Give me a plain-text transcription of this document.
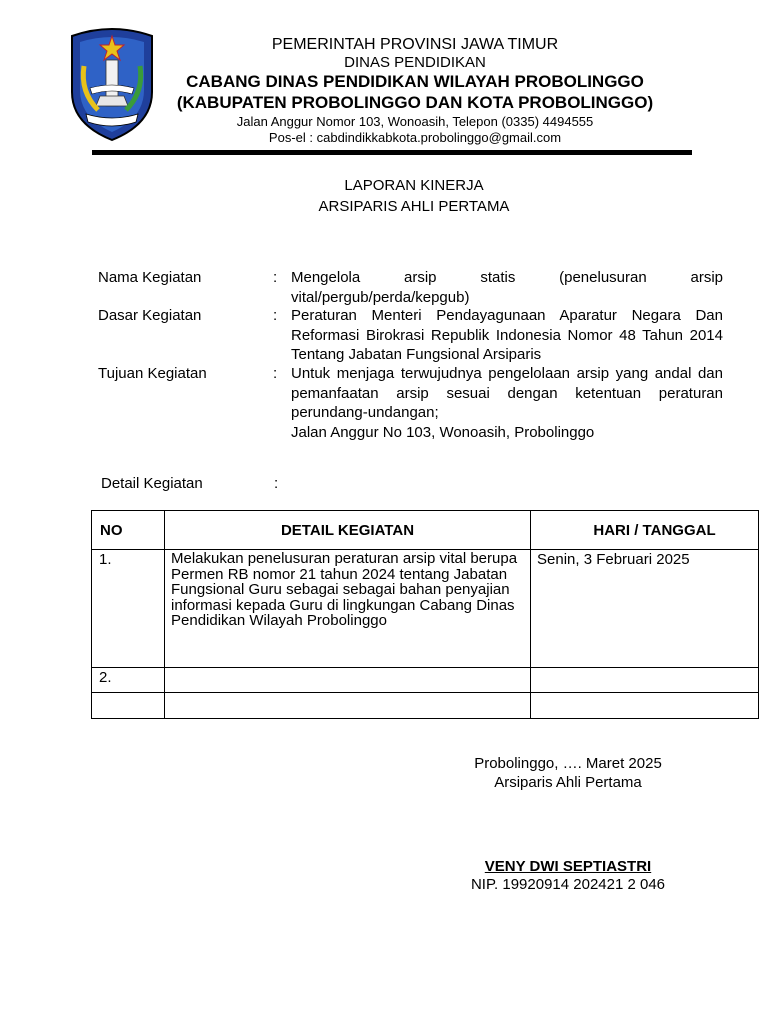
PEMERINTAH PROVINSI JAWA TIMUR
DINAS PENDIDIKAN
CABANG DINAS PENDIDIKAN WILAYAH PROBOLINGGO
(KABUPATEN PROBOLINGGO DAN KOTA PROBOLINGGO)
Jalan Anggur Nomor 103, Wonoasih, Telepon (0335) 4494555
Pos-el : cabdindikkabkota.probolinggo@gmail.com
LAPORAN KINERJA
ARSIPARIS AHLI PERTAMA
Nama Kegiatan	: Mengelola arsip statis (penelusuran arsip vital/pergub/perda/kepgub)
Dasar Kegiatan	: Peraturan Menteri Pendayagunaan Aparatur Negara Dan Reformasi Birokrasi Republik Indonesia Nomor 48 Tahun 2014 Tentang Jabatan Fungsional Arsiparis
Tujuan Kegiatan	: Untuk menjaga terwujudnya pengelolaan arsip yang andal dan pemanfaatan arsip sesuai dengan ketentuan peraturan perundang-undangan;
Jalan Anggur No 103, Wonoasih, Probolinggo
Detail Kegiatan	:
NO	DETAIL KEGIATAN	HARI / TANGGAL
1.	Melakukan penelusuran peraturan arsip vital berupa Permen RB nomor 21 tahun 2024 tentang Jabatan Fungsional Guru sebagai sebagai bahan penyajian informasi kepada Guru di lingkungan Cabang Dinas Pendidikan Wilayah Probolinggo	Senin, 3 Februari 2025
2.		

Probolinggo, …. Maret 2025
Arsiparis Ahli Pertama
VENY DWI SEPTIASTRI
NIP. 19920914 202421 2 046
